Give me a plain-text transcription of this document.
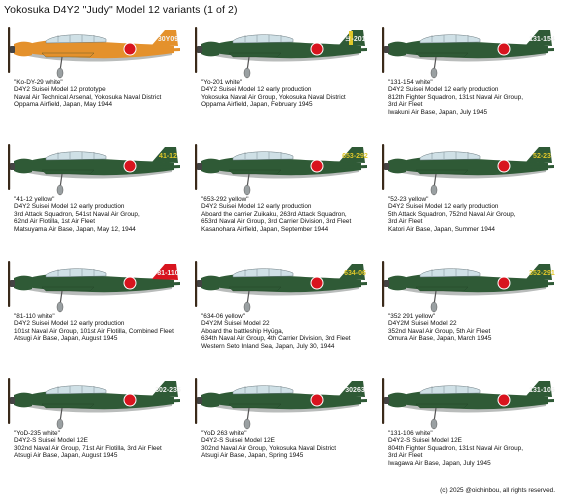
Yokosuka D4Y2 "Judy" Model 12 variants (1 of 2)
30Y09
"Ko-DY-29 white"
D4Y2 Suisei Model 12 prototype
Naval Air Technical Arsenal, Yokosuka Naval District
Oppama Airfield, Japan, May 1944
ヨ-201
"Yo-201 white"
D4Y2 Suisei Model 12 early production
Yokosuka Naval Air Group, Yokosuka Naval District
Oppama Airfield, Japan, February 1945
131-154
"131-154 white"
D4Y2 Suisei Model 12 early production
812th Fighter Squadron, 131st Naval Air Group,
3rd Air Fleet
Iwakuni Air Base, Japan, July 1945
41-12
"41-12 yellow"
D4Y2 Suisei Model 12 early production
3rd Attack Squadron, 541st Naval Air Group,
62nd Air Flotilla, 1st Air Fleet
Matsuyama Air Base, Japan, May 12, 1944
653-292
"653-292 yellow"
D4Y2 Suisei Model 12 early production
Aboard the carrier Zuikaku, 263rd Attack Squadron,
653rd Naval Air Group, 3rd Carrier Division, 3rd Fleet
Kasanohara Airfield, Japan, September 1944
52-23
"52-23 yellow"
D4Y2 Suisei Model 12 early production
5th Attack Squadron, 752nd Naval Air Group,
3rd Air Fleet
Katori Air Base, Japan, Summer 1944
81-110
"81-110 white"
D4Y2 Suisei Model 12 early production
101st Naval Air Group, 101st Air Flotilla, Combined Fleet
Atsugi Air Base, Japan, August 1945
634-06
"634-06 yellow"
D4Y2M Suisei Model 22
Aboard the battleship Hyūga,
634th Naval Air Group, 4th Carrier Division, 3rd Fleet
Western Seto Inland Sea, Japan, July 30, 1944
352-291
"352 291 yellow"
D4Y2M Suisei Model 22
352nd Naval Air Group, 5th Air Fleet
Omura Air Base, Japan, March 1945
302-235
"YoD-235 white"
D4Y2-S Suisei Model 12E
302nd Naval Air Group, 71st Air Flotilla, 3rd Air Fleet
Atsugi Air Base, Japan, August 1945
30263
"YoD 263 white"
D4Y2-S Suisei Model 12E
302nd Naval Air Group, Yokosuka Naval District
Atsugi Air Base, Japan, Spring 1945
131-106
"131-106 white"
D4Y2-S Suisei Model 12E
804th Fighter Squadron, 131st Naval Air Group,
3rd Air Fleet
Iwagawa Air Base, Japan, July 1945
(c) 2025 @oichinbou, all rights reserved.
